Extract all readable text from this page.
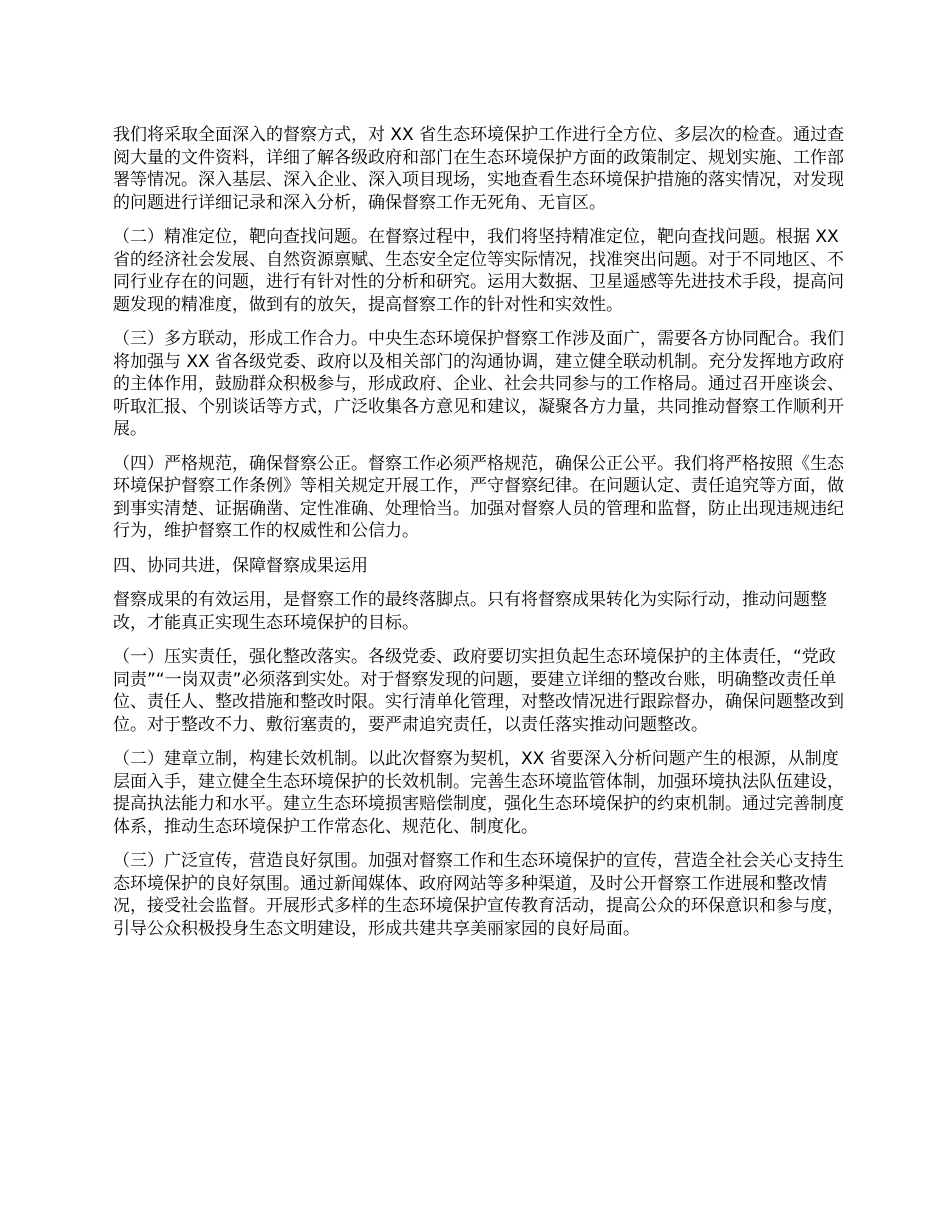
我们将采取全面深入的督察方式，对 XX 省生态环境保护工作进行全方位、多层次的检查。通过查阅大量的文件资料，详细了解各级政府和部门在生态环境保护方面的政策制定、规划实施、工作部署等情况。深入基层、深入企业、深入项目现场，实地查看生态环境保护措施的落实情况，对发现的问题进行详细记录和深入分析，确保督察工作无死角、无盲区。

（二）精准定位，靶向查找问题。在督察过程中，我们将坚持精准定位，靶向查找问题。根据 XX 省的经济社会发展、自然资源禀赋、生态安全定位等实际情况，找准突出问题。对于不同地区、不同行业存在的问题，进行有针对性的分析和研究。运用大数据、卫星遥感等先进技术手段，提高问题发现的精准度，做到有的放矢，提高督察工作的针对性和实效性。

（三）多方联动，形成工作合力。中央生态环境保护督察工作涉及面广，需要各方协同配合。我们将加强与 XX 省各级党委、政府以及相关部门的沟通协调，建立健全联动机制。充分发挥地方政府的主体作用，鼓励群众积极参与，形成政府、企业、社会共同参与的工作格局。通过召开座谈会、听取汇报、个别谈话等方式，广泛收集各方意见和建议，凝聚各方力量，共同推动督察工作顺利开展。

（四）严格规范，确保督察公正。督察工作必须严格规范，确保公正公平。我们将严格按照《生态环境保护督察工作条例》等相关规定开展工作，严守督察纪律。在问题认定、责任追究等方面，做到事实清楚、证据确凿、定性准确、处理恰当。加强对督察人员的管理和监督，防止出现违规违纪行为，维护督察工作的权威性和公信力。

四、协同共进，保障督察成果运用

督察成果的有效运用，是督察工作的最终落脚点。只有将督察成果转化为实际行动，推动问题整改，才能真正实现生态环境保护的目标。

（一）压实责任，强化整改落实。各级党委、政府要切实担负起生态环境保护的主体责任，“党政同责”“一岗双责”必须落到实处。对于督察发现的问题，要建立详细的整改台账，明确整改责任单位、责任人、整改措施和整改时限。实行清单化管理，对整改情况进行跟踪督办，确保问题整改到位。对于整改不力、敷衍塞责的，要严肃追究责任，以责任落实推动问题整改。

（二）建章立制，构建长效机制。以此次督察为契机，XX 省要深入分析问题产生的根源，从制度层面入手，建立健全生态环境保护的长效机制。完善生态环境监管体制，加强环境执法队伍建设，提高执法能力和水平。建立生态环境损害赔偿制度，强化生态环境保护的约束机制。通过完善制度体系，推动生态环境保护工作常态化、规范化、制度化。

（三）广泛宣传，营造良好氛围。加强对督察工作和生态环境保护的宣传，营造全社会关心支持生态环境保护的良好氛围。通过新闻媒体、政府网站等多种渠道，及时公开督察工作进展和整改情况，接受社会监督。开展形式多样的生态环境保护宣传教育活动，提高公众的环保意识和参与度，引导公众积极投身生态文明建设，形成共建共享美丽家园的良好局面。
